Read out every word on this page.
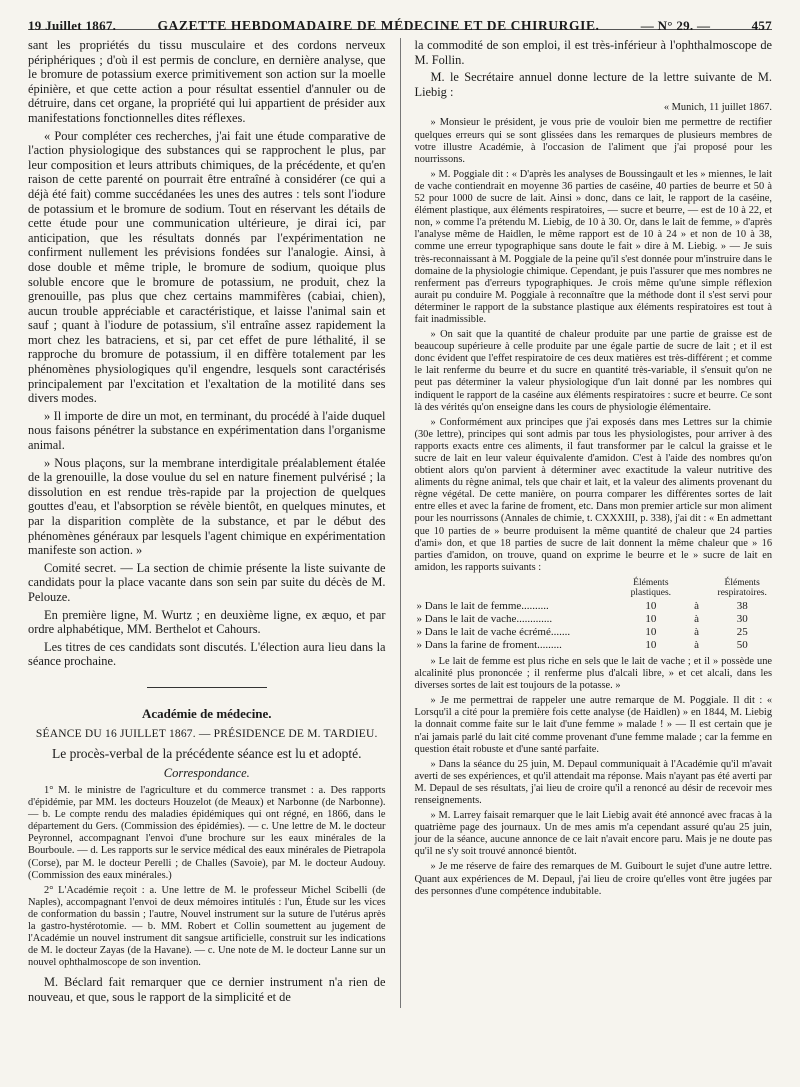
19 Juillet 1867.	GAZETTE HEBDOMADAIRE DE MÉDECINE ET DE CHIRURGIE.	— N° 29. —	457

sant les propriétés du tissu musculaire et des cordons nerveux périphériques ; d'où il est permis de conclure, en dernière analyse, que le bromure de potassium exerce primitivement son action sur la moelle épinière, et que cette action a pour résultat essentiel d'annuler ou de détruire, dans cet organe, la propriété qui lui appartient de présider aux manifestations fonctionnelles dites réflexes.

« Pour compléter ces recherches, j'ai fait une étude comparative de l'action physiologique des substances qui se rapprochent le plus, par leur composition et leurs attributs chimiques, de la précédente, et qu'en raison de cette parenté on pourrait être entraîné à considérer (ce qui a déjà été fait) comme succédanées les unes des autres : tels sont l'iodure de potassium et le bromure de sodium. Tout en réservant les détails de cette étude pour une communication ultérieure, je dirai ici, par anticipation, que les résultats donnés par l'expérimentation ne confirment nullement les prévisions fondées sur l'analogie. Ainsi, à dose double et même triple, le bromure de sodium, quoique plus soluble encore que le bromure de potassium, ne produit, chez la grenouille, pas plus que chez certains mammifères (cabiai, chien), aucun trouble appréciable et caractéristique, et laisse l'animal sain et sauf ; quant à l'iodure de potassium, s'il entraîne assez rapidement la mort chez les batraciens, et si, par cet effet de pure léthalité, il se rapproche du bromure de potassium, il en diffère totalement par les phénomènes physiologiques qu'il engendre, lesquels sont caractérisés principalement par l'excitation et l'exaltation de la motilité dans ses divers modes.

» Il importe de dire un mot, en terminant, du procédé à l'aide duquel nous faisons pénétrer la substance en expérimentation dans l'organisme animal.

» Nous plaçons, sur la membrane interdigitale préalablement étalée de la grenouille, la dose voulue du sel en nature finement pulvérisé ; la dissolution en est rendue très-rapide par la projection de quelques gouttes d'eau, et l'absorption se révèle bientôt, en quelques minutes, et par la disparition complète de la substance, et par le début des phénomènes généraux par lesquels l'agent chimique en expérimentation manifeste son action. »

Comité secret. — La section de chimie présente la liste suivante de candidats pour la place vacante dans son sein par suite du décès de M. Pelouze.

En première ligne, M. Wurtz ; en deuxième ligne, ex æquo, et par ordre alphabétique, MM. Berthelot et Cahours.

Les titres de ces candidats sont discutés. L'élection aura lieu dans la séance prochaine.

Académie de médecine.
SÉANCE DU 16 JUILLET 1867. — PRÉSIDENCE DE M. TARDIEU.
Le procès-verbal de la précédente séance est lu et adopté.
Correspondance.

1° M. le ministre de l'agriculture et du commerce transmet : a. Des rapports d'épidémie, par MM. les docteurs Houzelot (de Meaux) et Narbonne (de Narbonne). — b. Le compte rendu des maladies épidémiques qui ont régné, en 1866, dans le département du Gers. (Commission des épidémies). — c. Une lettre de M. le docteur Peyronnel, accompagnant l'envoi d'une brochure sur les eaux minérales de la Bourboule. — d. Les rapports sur le service médical des eaux minérales de Pietrapola (Corse), par M. le docteur Perelli ; de Challes (Savoie), par M. le docteur Audouy. (Commission des eaux minérales.)

2° L'Académie reçoit : a. Une lettre de M. le professeur Michel Scibelli (de Naples), accompagnant l'envoi de deux mémoires intitulés : l'un, Étude sur les vices de conformation du bassin ; l'autre, Nouvel instrument sur la suture de l'utérus après la gastro-hystérotomie. — b. MM. Robert et Collin soumettent au jugement de l'Académie un nouvel instrument dit sangsue artificielle, construit sur les indications de M. le docteur Zayas (de la Havane). — c. Une note de M. le docteur Lanne sur un nouvel ophthalmoscope de son invention.

M. Béclard fait remarquer que ce dernier instrument n'a rien de nouveau, et que, sous le rapport de la simplicité et de

la commodité de son emploi, il est très-inférieur à l'ophthalmoscope de M. Follin.

M. le Secrétaire annuel donne lecture de la lettre suivante de M. Liebig :

« Munich, 11 juillet 1867.

» Monsieur le président, je vous prie de vouloir bien me permettre de rectifier quelques erreurs qui se sont glissées dans les remarques de plusieurs membres de votre illustre Académie, à l'occasion de l'aliment que j'ai proposé pour les nourrissons.

» M. Poggiale dit : « D'après les analyses de Boussingault et les » miennes, le lait de vache contiendrait en moyenne 36 parties de caséine, 40 parties de beurre et 50 à 52 pour 1000 de sucre de lait. Ainsi » donc, dans ce lait, le rapport de la caséine, élément plastique, aux éléments respiratoires, — sucre et beurre, — est de 10 à 22, et non, » comme l'a prétendu M. Liebig, de 10 à 30. Or, dans le lait de femme, » d'après l'analyse même de Haidlen, le même rapport est de 10 à 24 » et non de 10 à 38, comme une erreur typographique sans doute le fait » dire à M. Liebig. » — Je suis très-reconnaissant à M. Poggiale de la peine qu'il s'est donnée pour m'instruire dans le domaine de la physiologie chimique. Cependant, je puis l'assurer que mes nombres ne renferment pas d'erreurs typographiques. Je crois même qu'une simple réflexion aurait pu conduire M. Poggiale à reconnaître que la méthode dont il s'est servi pour déterminer le rapport de la substance plastique aux éléments respiratoires est tout à fait inadmissible.

» On sait que la quantité de chaleur produite par une partie de graisse est de beaucoup supérieure à celle produite par une égale partie de sucre de lait ; et il est donc évident que l'effet respiratoire de ces deux matières est très-différent ; et comme le lait renferme du beurre et du sucre en quantité très-variable, il s'ensuit qu'on ne peut pas déterminer la valeur physiologique d'un lait donné par les nombres qui indiquent le rapport de la caséine aux éléments respiratoires : sucre et beurre. Ce sont là des vérités qu'on enseigne dans les cours de physiologie élémentaire.

» Conformément aux principes que j'ai exposés dans mes Lettres sur la chimie (30e lettre), principes qui sont admis par tous les physiologistes, pour arriver à des rapports exacts entre ces aliments, il faut transformer par le calcul la graisse et le sucre de lait en leur valeur équivalente d'amidon. C'est à l'aide des nombres qu'on obtient alors qu'on parvient à déterminer avec exactitude la valeur nutritive des aliments du règne animal, tels que chair et lait, et la valeur des aliments provenant du règne végétal. De cette manière, on pourra comparer les différentes sortes de lait entre elles et avec la farine de froment, etc. Dans mon premier article sur mon aliment pour les nourrissons (Annales de chimie, t. CXXXIII, p. 338), j'ai dit : « En admettant que 10 parties de » beurre produisent la même quantité de chaleur que 24 parties d'ami» don, et que 18 parties de sucre de lait donnent la même chaleur que » 16 parties d'amidon, on trouve, quand on exprime le beurre et le » sucre de lait en amidon, les rapports suivants :

	Éléments plastiques.		Éléments respiratoires.
» Dans le lait de femme..........	10	à	38
» Dans le lait de vache.............	10	à	30
» Dans le lait de vache écrémé.......	10	à	25
» Dans la farine de froment.........	10	à	50

» Le lait de femme est plus riche en sels que le lait de vache ; et il » possède une alcalinité plus prononcée ; il renferme plus d'alcali libre, » et cet alcali, dans les diverses sortes de lait est toujours de la potasse. »

» Je me permettrai de rappeler une autre remarque de M. Poggiale. Il dit : « Lorsqu'il a cité pour la première fois cette analyse (de Haidlen) » en 1844, M. Liebig la donnait comme faite sur le lait d'une femme » malade ! » — Il est certain que je n'ai jamais parlé du lait cité comme provenant d'une femme malade ; car la femme en question était robuste et d'une santé parfaite.

» Dans la séance du 25 juin, M. Depaul communiquait à l'Académie qu'il m'avait averti de ses expériences, et qu'il attendait ma réponse. Mais n'ayant pas été averti par M. Depaul de ses résultats, j'ai lieu de croire qu'il a renoncé au désir de recevoir mes renseignements.

» M. Larrey faisait remarquer que le lait Liebig avait été annoncé avec fracas à la quatrième page des journaux. Un de mes amis m'a cependant assuré qu'au 25 juin, jour de la séance, aucune annonce de ce lait n'avait encore paru. Mais je ne doute pas qu'il ne s'y soit trouvé annoncé bientôt.

» Je me réserve de faire des remarques de M. Guibourt le sujet d'une autre lettre. Quant aux expériences de M. Depaul, j'ai lieu de croire qu'elles vont être jugées par des personnes d'une compétence indubitable.
